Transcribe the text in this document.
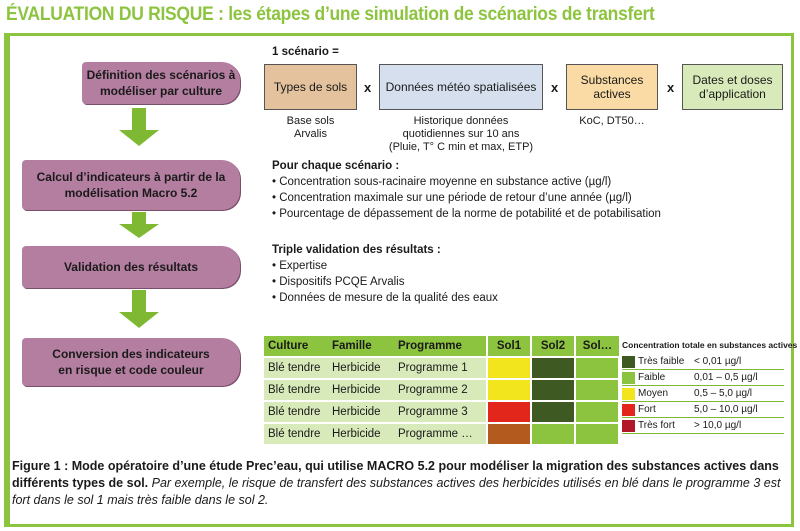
ÉVALUATION DU RISQUE : les étapes d’une simulation de scénarios de transfert
Définition des scénarios à
modéliser par culture
Calcul d’indicateurs à partir de la
modélisation Macro 5.2
Validation des résultats
Conversion des indicateurs
en risque et code couleur
1 scénario =
Types de sols x Données météo spatialisées x Substances
actives	x Dates et doses
d’application
Base sols
Arvalis
Historique données
quotidiennes sur 10 ans
(Pluie, T° C min et max, ETP)
KoC, DT50…
Pour chaque scénario :
• Concentration sous-racinaire moyenne en substance active (µg/l)
• Concentration maximale sur une période de retour d’une année (µg/l)
• Pourcentage de dépassement de la norme de potabilité et de potabilisation
Triple validation des résultats :
• Expertise
• Dispositifs PCQE Arvalis
• Données de mesure de la qualité des eaux
Culture	Famille	Programme	Sol1	Sol2	Sol…
Blé tendre	Herbicide	Programme 1			
Blé tendre	Herbicide	Programme 2			
Blé tendre	Herbicide	Programme 3			
Blé tendre	Herbicide	Programme …			
Concentration totale en substances actives
Très faible < 0,01 µg/l
Faible	0,01 – 0,5 µg/l
Moyen	0,5 – 5,0 µg/l
Fort	5,0 – 10,0 µg/l
Très fort	> 10,0 µg/l
Figure 1 : Mode opératoire d’une étude Prec’eau, qui utilise MACRO 5.2 pour modéliser la migration des substances actives dans différents types de sol. Par exemple, le risque de transfert des substances actives des herbicides utilisés en blé dans le programme 3 est fort dans le sol 1 mais très faible dans le sol 2.
